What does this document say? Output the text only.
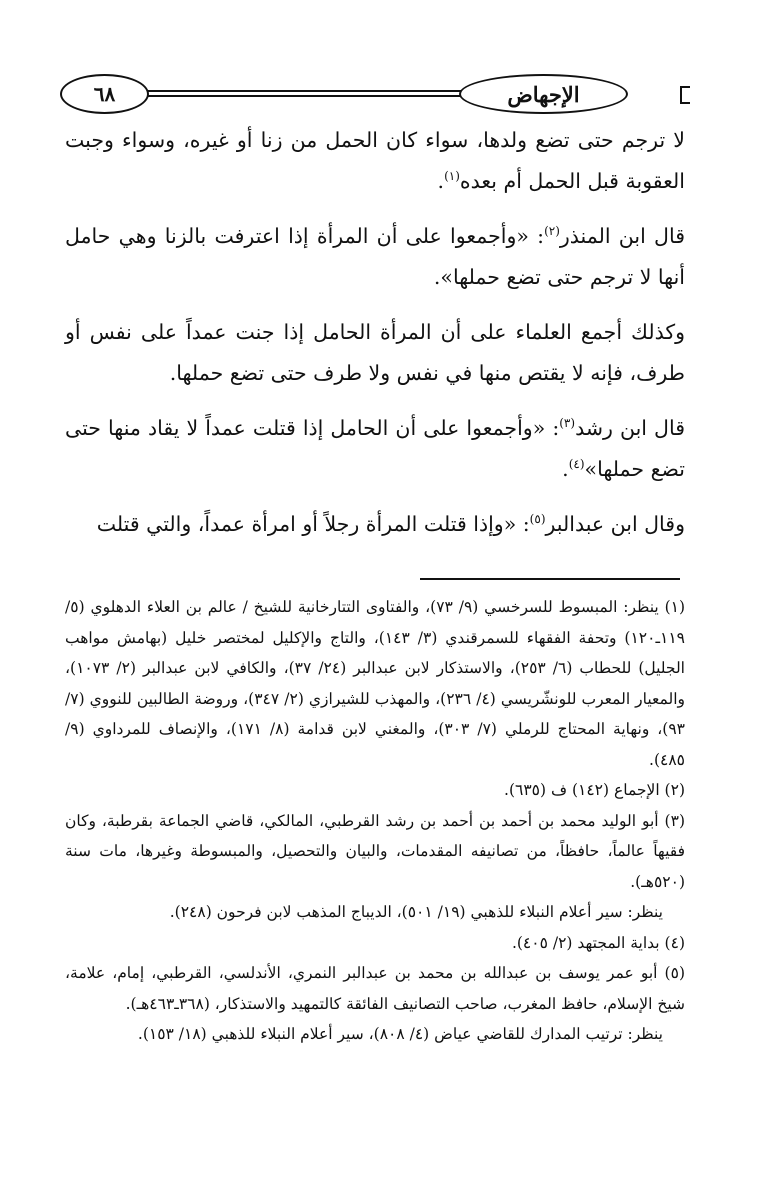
الإجهاض
٦٨

لا ترجم حتى تضع ولدها، سواء كان الحمل من زنا أو غيره، وسواء وجبت العقوبة قبل الحمل أم بعده$^{(١)}$.

قال ابن المنذر$^{(٢)}$: «وأجمعوا على أن المرأة إذا اعترفت بالزنا وهي حامل أنها لا ترجم حتى تضع حملها».

وكذلك أجمع العلماء على أن المرأة الحامل إذا جنت عمداً على نفس أو طرف، فإنه لا يقتص منها في نفس ولا طرف حتى تضع حملها.

قال ابن رشد$^{(٣)}$: «وأجمعوا على أن الحامل إذا قتلت عمداً لا يقاد منها حتى تضع حملها»$^{(٤)}$.

وقال ابن عبدالبر$^{(٥)}$: «وإذا قتلت المرأة رجلاً أو امرأة عمداً، والتي قتلت

(١) ينظر: المبسوط للسرخسي (٩/ ٧٣)، والفتاوى التتارخانية للشيخ / عالم بن العلاء الدهلوي (٥/ ١١٩ـ١٢٠) وتحفة الفقهاء للسمرقندي (٣/ ١٤٣)، والتاج والإكليل لمختصر خليل (بهامش مواهب الجليل) للحطاب (٦/ ٢٥٣)، والاستذكار لابن عبدالبر (٢٤/ ٣٧)، والكافي لابن عبدالبر (٢/ ١٠٧٣)، والمعيار المعرب للونشّريسي (٤/ ٢٣٦)، والمهذب للشيرازي (٢/ ٣٤٧)، وروضة الطالبين للنووي (٧/ ٩٣)، ونهاية المحتاج للرملي (٧/ ٣٠٣)، والمغني لابن قدامة (٨/ ١٧١)، والإنصاف للمرداوي (٩/ ٤٨٥).

(٢) الإجماع (١٤٢) ف (٦٣٥).

(٣) أبو الوليد محمد بن أحمد بن أحمد بن رشد القرطبي، المالكي، قاضي الجماعة بقرطبة، وكان فقيهاً عالماً، حافظاً، من تصانيفه المقدمات، والبيان والتحصيل، والمبسوطة وغيرها، مات سنة (٥٢٠هـ).

ينظر: سير أعلام النبلاء للذهبي (١٩/ ٥٠١)، الديباج المذهب لابن فرحون (٢٤٨).

(٤) بداية المجتهد (٢/ ٤٠٥).

(٥) أبو عمر يوسف بن عبدالله بن محمد بن عبدالبر النمري، الأندلسي، القرطبي، إمام، علامة، شيخ الإسلام، حافظ المغرب، صاحب التصانيف الفائقة كالتمهيد والاستذكار، (٣٦٨ـ٤٦٣هـ).

ينظر: ترتيب المدارك للقاضي عياض (٤/ ٨٠٨)، سير أعلام النبلاء للذهبي (١٨/ ١٥٣).
